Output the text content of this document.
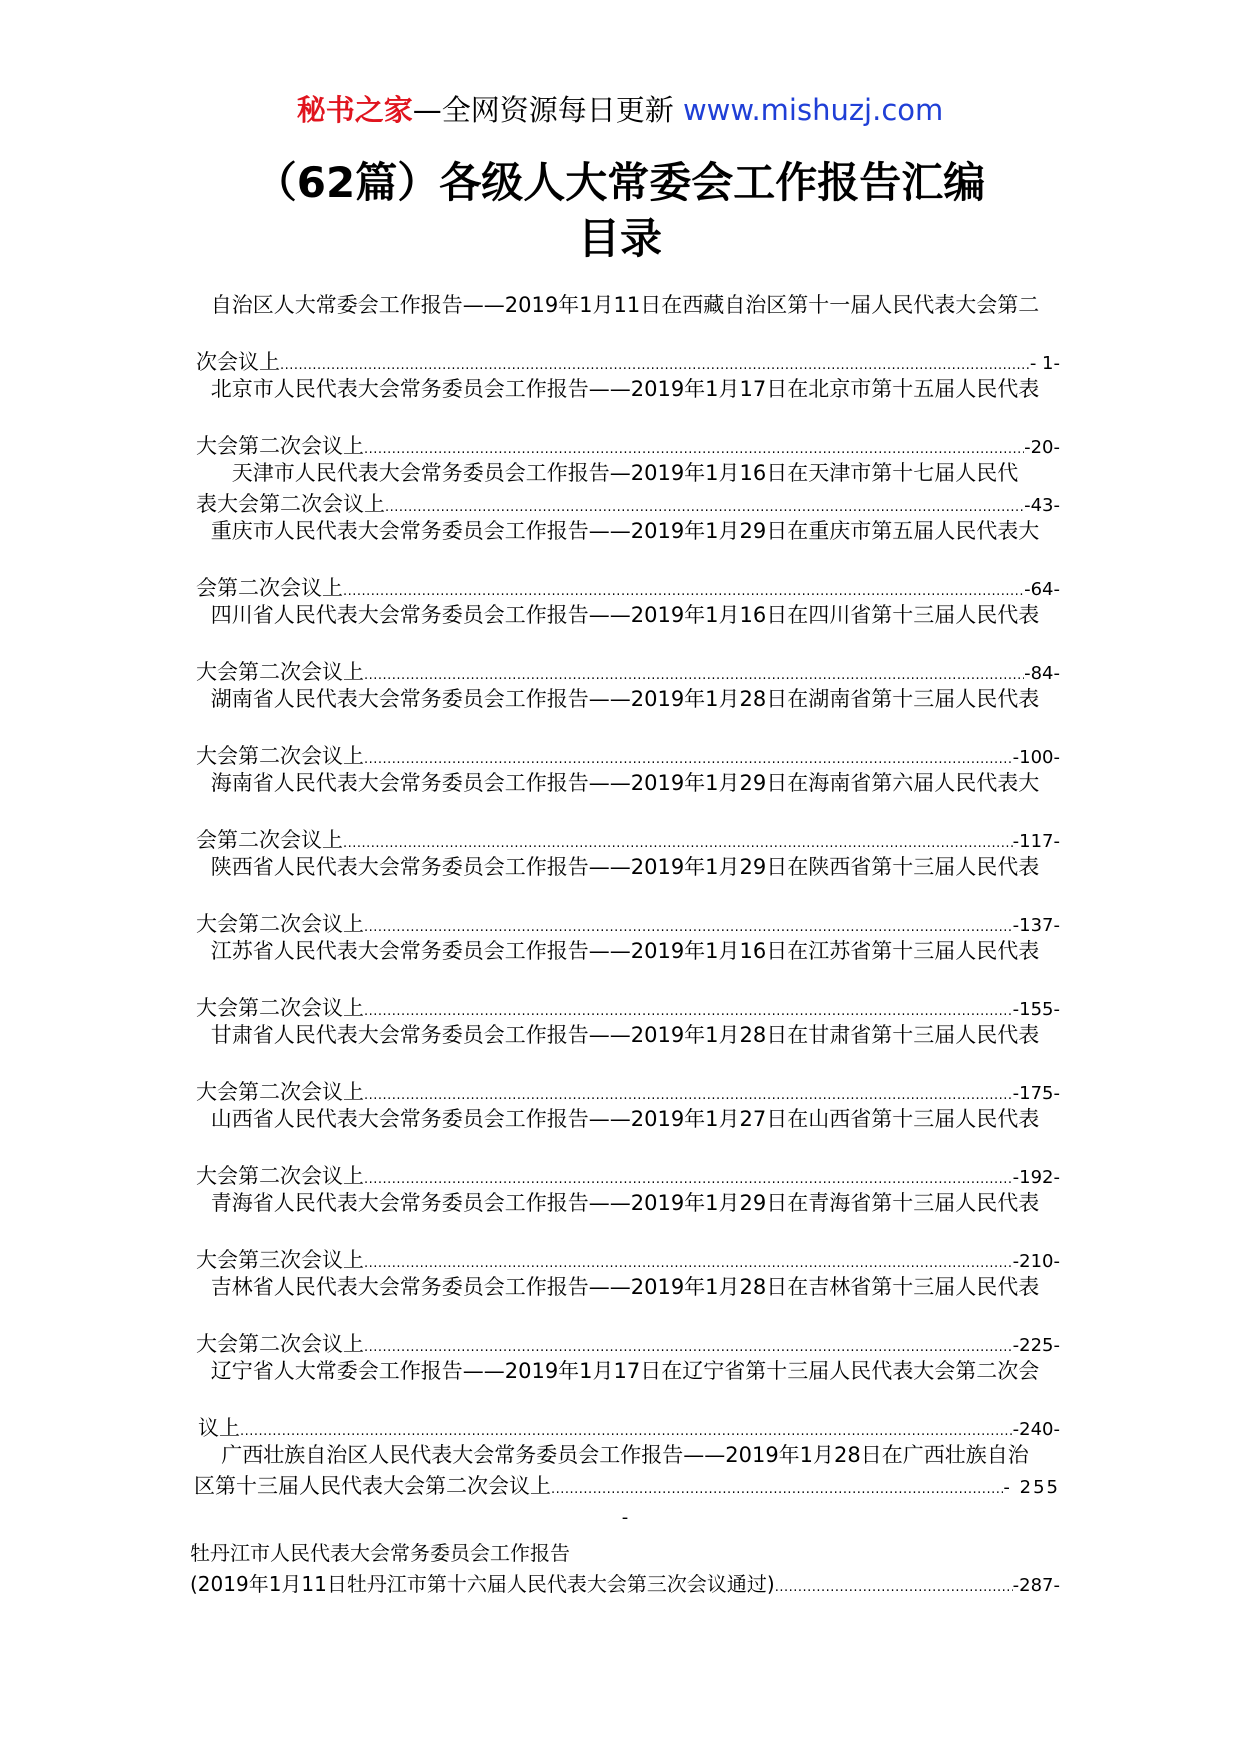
秘书之家—全网资源每日更新 www.mishuzj.com
（62篇）各级人大常委会工作报告汇编
目录
自治区人大常委会工作报告——2019年1月11日在西藏自治区第十一届人民代表大会第二
次会议上 .....	- 1-
北京市人民代表大会常务委员会工作报告——2019年1月17日在北京市第十五届人民代表
大会第二次会议上 .....	-20-
天津市人民代表大会常务委员会工作报告—2019年1月16日在天津市第十七届人民代
表大会第二次会议上 .....	-43-
重庆市人民代表大会常务委员会工作报告——2019年1月29日在重庆市第五届人民代表大
会第二次会议上 .....	-64-
四川省人民代表大会常务委员会工作报告——2019年1月16日在四川省第十三届人民代表
大会第二次会议上 .....	-84-
湖南省人民代表大会常务委员会工作报告——2019年1月28日在湖南省第十三届人民代表
大会第二次会议上 .....	-100-
海南省人民代表大会常务委员会工作报告——2019年1月29日在海南省第六届人民代表大
会第二次会议上 .....	-117-
陕西省人民代表大会常务委员会工作报告——2019年1月29日在陕西省第十三届人民代表
大会第二次会议上 .....	-137-
江苏省人民代表大会常务委员会工作报告——2019年1月16日在江苏省第十三届人民代表
大会第二次会议上 .....	-155-
甘肃省人民代表大会常务委员会工作报告——2019年1月28日在甘肃省第十三届人民代表
大会第二次会议上 .....	-175-
山西省人民代表大会常务委员会工作报告——2019年1月27日在山西省第十三届人民代表
大会第二次会议上 .....	-192-
青海省人民代表大会常务委员会工作报告——2019年1月29日在青海省第十三届人民代表
大会第三次会议上 .....	-210-
吉林省人民代表大会常务委员会工作报告——2019年1月28日在吉林省第十三届人民代表
大会第二次会议上 .....	-225-
辽宁省人大常委会工作报告——2019年1月17日在辽宁省第十三届人民代表大会第二次会
议上 .....	-240-
广西壮族自治区人民代表大会常务委员会工作报告——2019年1月28日在广西壮族自治
区第十三届人民代表大会第二次会议上 .....	- 255
-
牡丹江市人民代表大会常务委员会工作报告
(2019年1月11日牡丹江市第十六届人民代表大会第三次会议通过) .....	-287-
